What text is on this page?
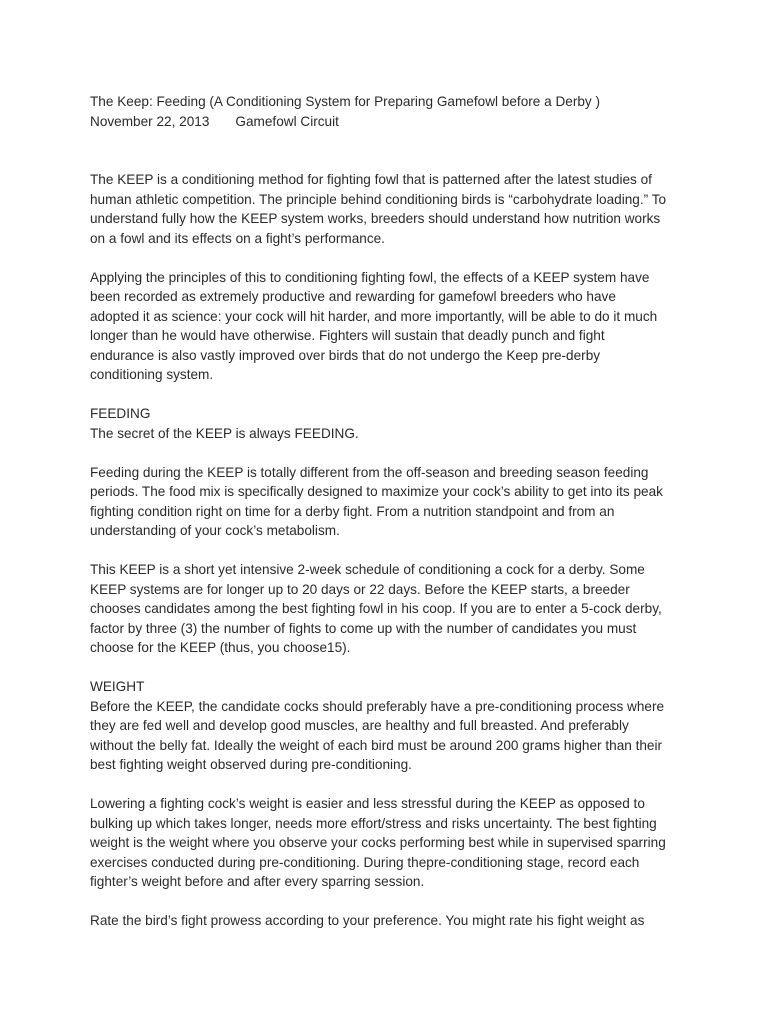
The Keep: Feeding (A Conditioning System for Preparing Gamefowl before a Derby )
November 22, 2013 Gamefowl Circuit
The KEEP is a conditioning method for fighting fowl that is patterned after the latest studies of
human athletic competition. The principle behind conditioning birds is “carbohydrate loading.” To
understand fully how the KEEP system works, breeders should understand how nutrition works
on a fowl and its effects on a fight’s performance.
Applying the principles of this to conditioning fighting fowl, the effects of a KEEP system have
been recorded as extremely productive and rewarding for gamefowl breeders who have
adopted it as science: your cock will hit harder, and more importantly, will be able to do it much
longer than he would have otherwise. Fighters will sustain that deadly punch and fight
endurance is also vastly improved over birds that do not undergo the Keep pre-derby
conditioning system.
FEEDING
The secret of the KEEP is always FEEDING.
Feeding during the KEEP is totally different from the off-season and breeding season feeding
periods. The food mix is specifically designed to maximize your cock’s ability to get into its peak
fighting condition right on time for a derby fight. From a nutrition standpoint and from an
understanding of your cock’s metabolism.
This KEEP is a short yet intensive 2-week schedule of conditioning a cock for a derby. Some
KEEP systems are for longer up to 20 days or 22 days. Before the KEEP starts, a breeder
chooses candidates among the best fighting fowl in his coop. If you are to enter a 5-cock derby,
factor by three (3) the number of fights to come up with the number of candidates you must
choose for the KEEP (thus, you choose15).
WEIGHT
Before the KEEP, the candidate cocks should preferably have a pre-conditioning process where
they are fed well and develop good muscles, are healthy and full breasted. And preferably
without the belly fat. Ideally the weight of each bird must be around 200 grams higher than their
best fighting weight observed during pre-conditioning.
Lowering a fighting cock’s weight is easier and less stressful during the KEEP as opposed to
bulking up which takes longer, needs more effort/stress and risks uncertainty. The best fighting
weight is the weight where you observe your cocks performing best while in supervised sparring
exercises conducted during pre-conditioning. During thepre-conditioning stage, record each
fighter’s weight before and after every sparring session.
Rate the bird’s fight prowess according to your preference. You might rate his fight weight as
